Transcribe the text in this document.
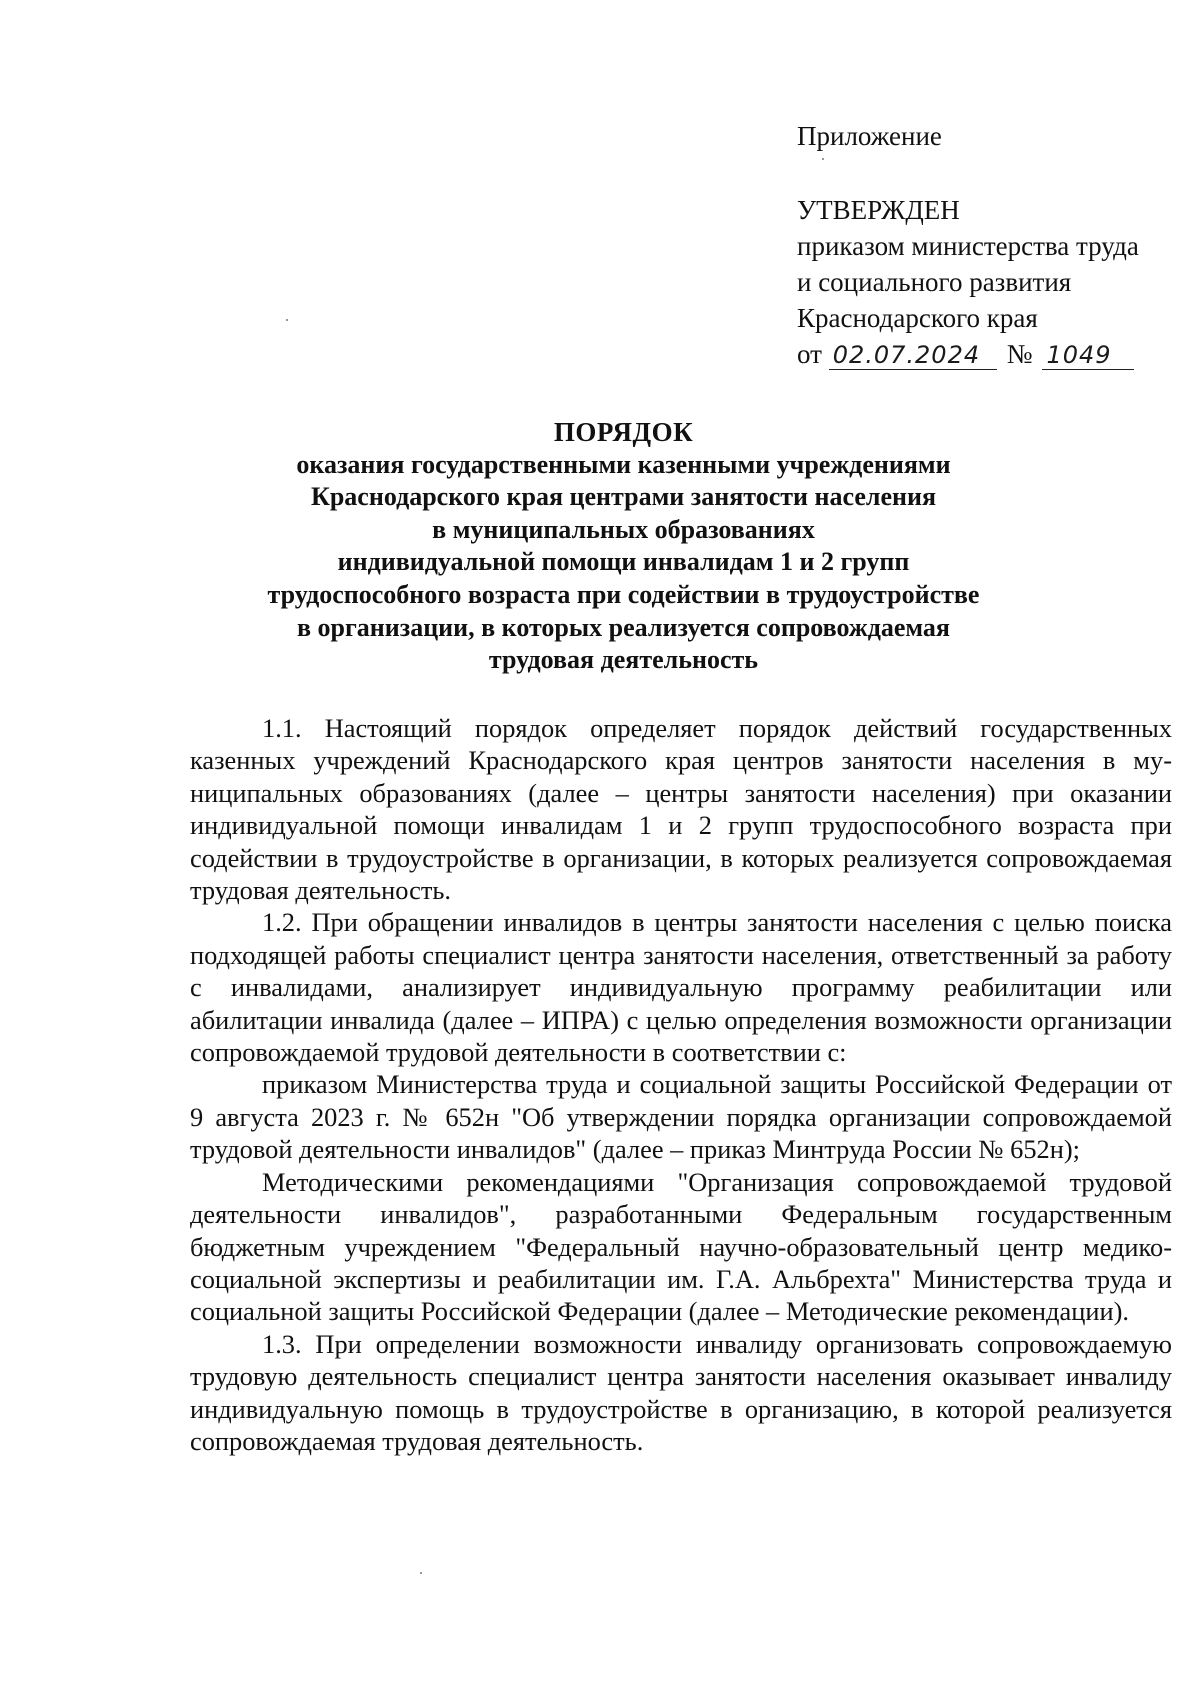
Приложение
УТВЕРЖДЕН
приказом министерства труда
и социального развития
Краснодарского края
от 02.07.2024 № 1049
ПОРЯДОК
оказания государственными казенными учреждениями
Краснодарского края центрами занятости населения
в муниципальных образованиях
индивидуальной помощи инвалидам 1 и 2 групп
трудоспособного возраста при содействии в трудоустройстве
в организации, в которых реализуется сопровождаемая
трудовая деятельность

1.1. Настоящий порядок определяет порядок действий государственных казенных учреждений Краснодарского края центров занятости населения в муниципальных образованиях (далее – центры занятости населения) при оказании индивидуальной помощи инвалидам 1 и 2 групп трудоспособного возраста при содействии в трудоустройстве в организации, в которых реализуется сопровождаемая трудовая деятельность.

1.2. При обращении инвалидов в центры занятости населения с целью поиска подходящей работы специалист центра занятости населения, ответственный за работу с инвалидами, анализирует индивидуальную программу реабилитации или абилитации инвалида (далее – ИПРА) с целью определения возможности организации сопровождаемой трудовой деятельности в соответствии с:

приказом Министерства труда и социальной защиты Российской Федерации от 9 августа 2023 г. № 652н "Об утверждении порядка организации сопровождаемой трудовой деятельности инвалидов" (далее – приказ Минтруда России № 652н);

Методическими рекомендациями "Организация сопровождаемой трудовой деятельности инвалидов", разработанными Федеральным государственным бюджетным учреждением "Федеральный научно-образовательный центр медико-социальной экспертизы и реабилитации им. Г.А. Альбрехта" Министерства труда и социальной защиты Российской Федерации (далее – Методические рекомендации).

1.3. При определении возможности инвалиду организовать сопровождаемую трудовую деятельность специалист центра занятости населения оказывает инвалиду индивидуальную помощь в трудоустройстве в организацию, в которой реализуется сопровождаемая трудовая деятельность.
